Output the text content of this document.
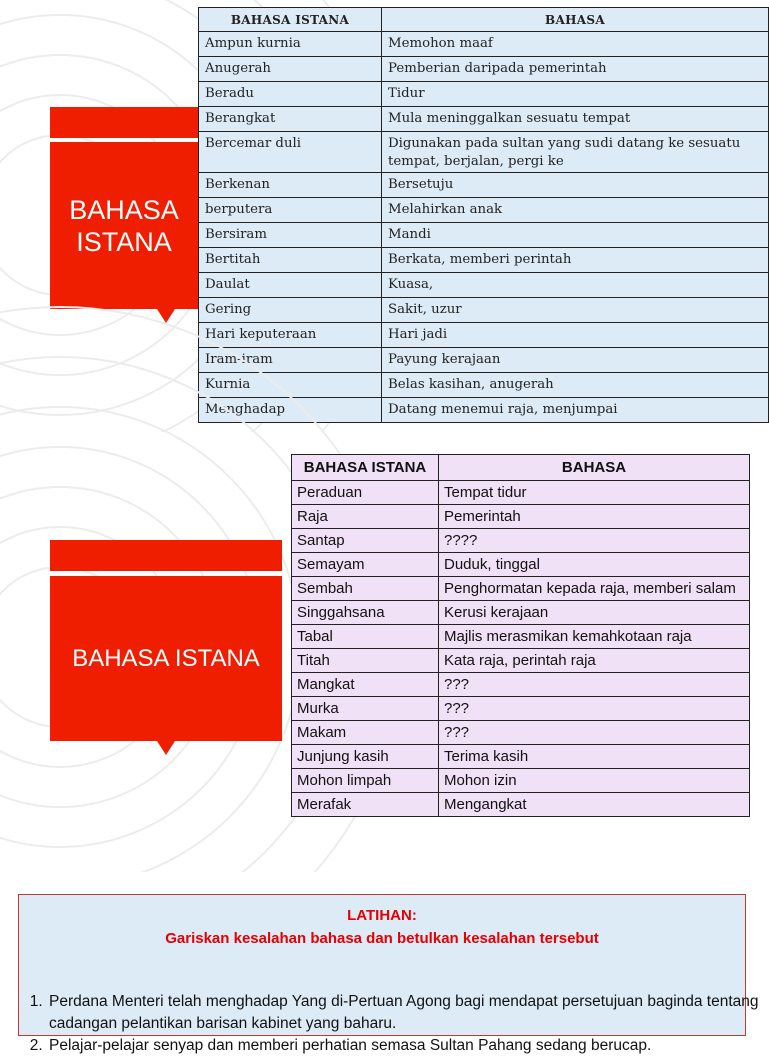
BAHASA ISTANA
BAHASA ISTANA	BAHASA
Ampun kurnia	Memohon maaf
Anugerah	Pemberian daripada pemerintah
Beradu	Tidur
Berangkat	Mula meninggalkan sesuatu tempat
Bercemar duli	Digunakan pada sultan yang sudi datang ke sesuatu tempat, berjalan, pergi ke
Berkenan	Bersetuju
berputera	Melahirkan anak
Bersiram	Mandi
Bertitah	Berkata, memberi perintah
Daulat	Kuasa,
Gering	Sakit, uzur
Hari keputeraan	Hari jadi
Iram-iram	Payung kerajaan
Kurnia	Belas kasihan, anugerah
Menghadap	Datang menemui raja, menjumpai
BAHASA ISTANA
BAHASA ISTANA	BAHASA
Peraduan	Tempat tidur
Raja	Pemerintah
Santap	????
Semayam	Duduk, tinggal
Sembah	Penghormatan kepada raja, memberi salam
Singgahsana	Kerusi kerajaan
Tabal	Majlis merasmikan kemahkotaan raja
Titah	Kata raja, perintah raja
Mangkat	???
Murka	???
Makam	???
Junjung kasih	Terima kasih
Mohon limpah	Mohon izin
Merafak	Mengangkat
LATIHAN:
Gariskan kesalahan bahasa dan betulkan kesalahan tersebut
1. Perdana Menteri telah menghadap Yang di-Pertuan Agong bagi mendapat persetujuan baginda tentang cadangan pelantikan barisan kabinet yang baharu.
2. Pelajar-pelajar senyap dan memberi perhatian semasa Sultan Pahang sedang berucap.
